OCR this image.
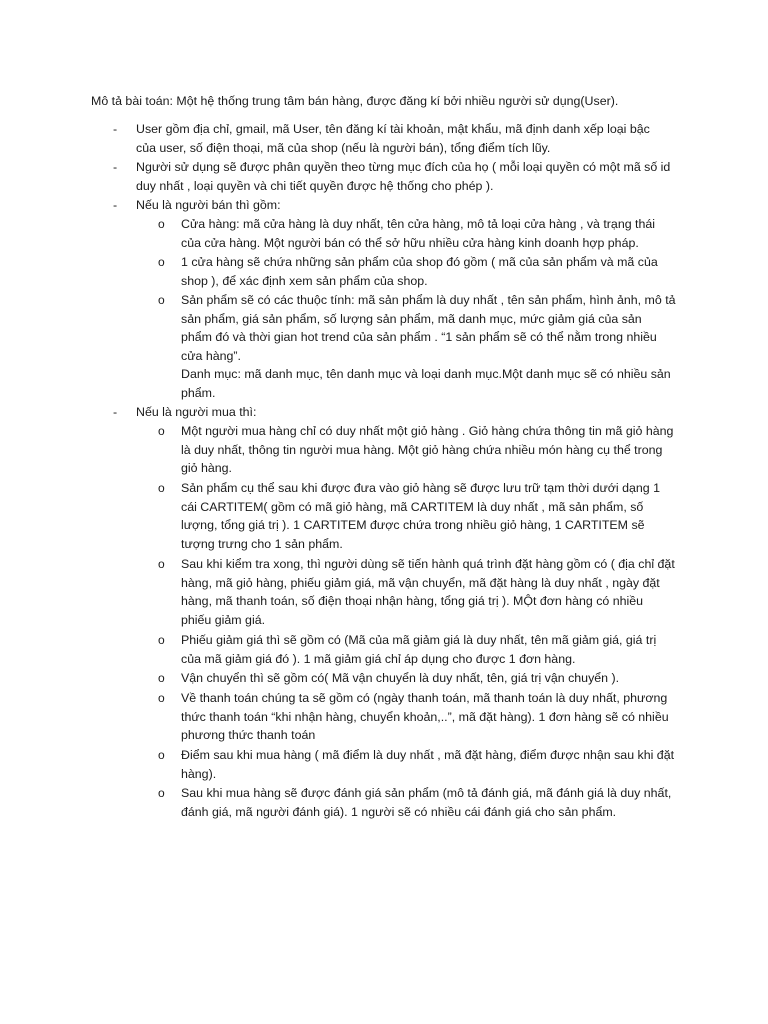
Mô tả bài toán: Một hệ thống trung tâm bán hàng, được đăng kí bởi nhiều người sử dụng(User).
- User gồm địa chỉ, gmail, mã User, tên đăng kí tài khoản, mật khẩu, mã định danh xếp loại bậc của user, số điện thoại, mã của shop (nếu là người bán), tổng điểm tích lũy.
- Người sử dụng sẽ được phân quyền theo từng mục đích của họ ( mỗi loại quyền có một mã số id duy nhất , loại quyền và chi tiết quyền được hệ thống cho phép ).
- Nếu là người bán thì gồm:
o Cửa hàng: mã cửa hàng là duy nhất, tên cửa hàng, mô tả loại cửa hàng , và trạng thái của cửa hàng. Một người bán có thể sở hữu nhiều cửa hàng kinh doanh hợp pháp.
o 1 cửa hàng sẽ chứa những sản phẩm của shop đó gồm ( mã của sản phẩm và mã của shop ), để xác định xem sản phẩm của shop.
o Sản phẩm sẽ có các thuộc tính: mã sản phẩm là duy nhất , tên sản phẩm, hình ảnh, mô tả sản phẩm, giá sản phẩm, số lượng sản phẩm, mã danh mục, mức giảm giá của sản phẩm đó và thời gian hot trend của sản phẩm . “1 sản phẩm sẽ có thể nằm trong nhiều cửa hàng”.
Danh mục: mã danh mục, tên danh mục và loại danh mục.Một danh mục sẽ có nhiều sản phẩm.
- Nếu là người mua thì:
o Một người mua hàng chỉ có duy nhất một giỏ hàng . Giỏ hàng chứa thông tin mã giỏ hàng là duy nhất, thông tin người mua hàng. Một giỏ hàng chứa nhiều món hàng cụ thể trong giỏ hàng.
o Sản phẩm cụ thể sau khi được đưa vào giỏ hàng sẽ được lưu trữ tạm thời dưới dạng 1 cái CARTITEM( gồm có mã giỏ hàng, mã CARTITEM là duy nhất , mã sản phẩm, số lượng, tổng giá trị ). 1 CARTITEM được chứa trong nhiều giỏ hàng, 1 CARTITEM sẽ tượng trưng cho 1 sản phẩm.
o Sau khi kiểm tra xong, thì người dùng sẽ tiến hành quá trình đặt hàng gồm có ( địa chỉ đặt hàng, mã giỏ hàng, phiếu giảm giá, mã vận chuyển, mã đặt hàng là duy nhất , ngày đặt hàng, mã thanh toán, số điện thoại nhận hàng, tổng giá trị ). MỘt đơn hàng có nhiều phiếu giảm giá.
o Phiếu giảm giá thì sẽ gồm có (Mã của mã giảm giá là duy nhất, tên mã giảm giá, giá trị của mã giảm giá đó ). 1 mã giảm giá chỉ áp dụng cho được 1 đơn hàng.
o Vận chuyển thì sẽ gồm có( Mã vận chuyển là duy nhất, tên, giá trị vận chuyển ).
o Về thanh toán chúng ta sẽ gồm có (ngày thanh toán, mã thanh toán là duy nhất, phương thức thanh toán “khi nhận hàng, chuyển khoản,..”, mã đặt hàng). 1 đơn hàng sẽ có nhiều phương thức thanh toán
o Điểm sau khi mua hàng ( mã điểm là duy nhất , mã đặt hàng, điểm được nhận sau khi đặt hàng).
o Sau khi mua hàng sẽ được đánh giá sản phẩm (mô tả đánh giá, mã đánh giá là duy nhất, đánh giá, mã người đánh giá). 1 người sẽ có nhiều cái đánh giá cho sản phẩm.
